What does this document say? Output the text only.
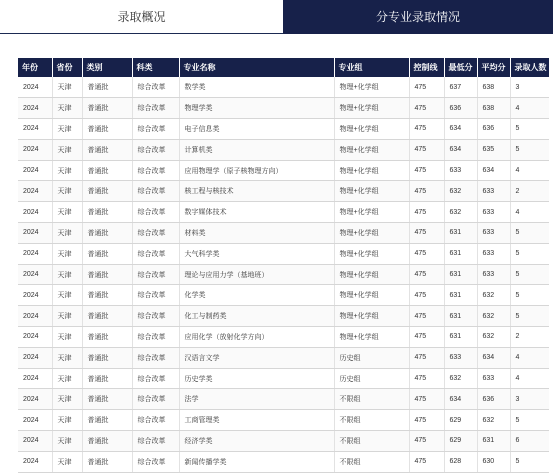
录取概况	分专业录取情况
年份	省份	类别	科类	专业名称	专业组	控制线	最低分	平均分	录取人数
2024	天津	普通批	综合改革	数学类	物理+化学组	475	637	638	3
2024	天津	普通批	综合改革	物理学类	物理+化学组	475	636	638	4
2024	天津	普通批	综合改革	电子信息类	物理+化学组	475	634	636	5
2024	天津	普通批	综合改革	计算机类	物理+化学组	475	634	635	5
2024	天津	普通批	综合改革	应用物理学（原子核物理方向）	物理+化学组	475	633	634	4
2024	天津	普通批	综合改革	核工程与核技术	物理+化学组	475	632	633	2
2024	天津	普通批	综合改革	数字媒体技术	物理+化学组	475	632	633	4
2024	天津	普通批	综合改革	材料类	物理+化学组	475	631	633	5
2024	天津	普通批	综合改革	大气科学类	物理+化学组	475	631	633	5
2024	天津	普通批	综合改革	理论与应用力学（基地班）	物理+化学组	475	631	633	5
2024	天津	普通批	综合改革	化学类	物理+化学组	475	631	632	5
2024	天津	普通批	综合改革	化工与制药类	物理+化学组	475	631	632	5
2024	天津	普通批	综合改革	应用化学（放射化学方向）	物理+化学组	475	631	632	2
2024	天津	普通批	综合改革	汉语言文学	历史组	475	633	634	4
2024	天津	普通批	综合改革	历史学类	历史组	475	632	633	4
2024	天津	普通批	综合改革	法学	不限组	475	634	636	3
2024	天津	普通批	综合改革	工商管理类	不限组	475	629	632	5
2024	天津	普通批	综合改革	经济学类	不限组	475	629	631	6
2024	天津	普通批	综合改革	新闻传播学类	不限组	475	628	630	5
